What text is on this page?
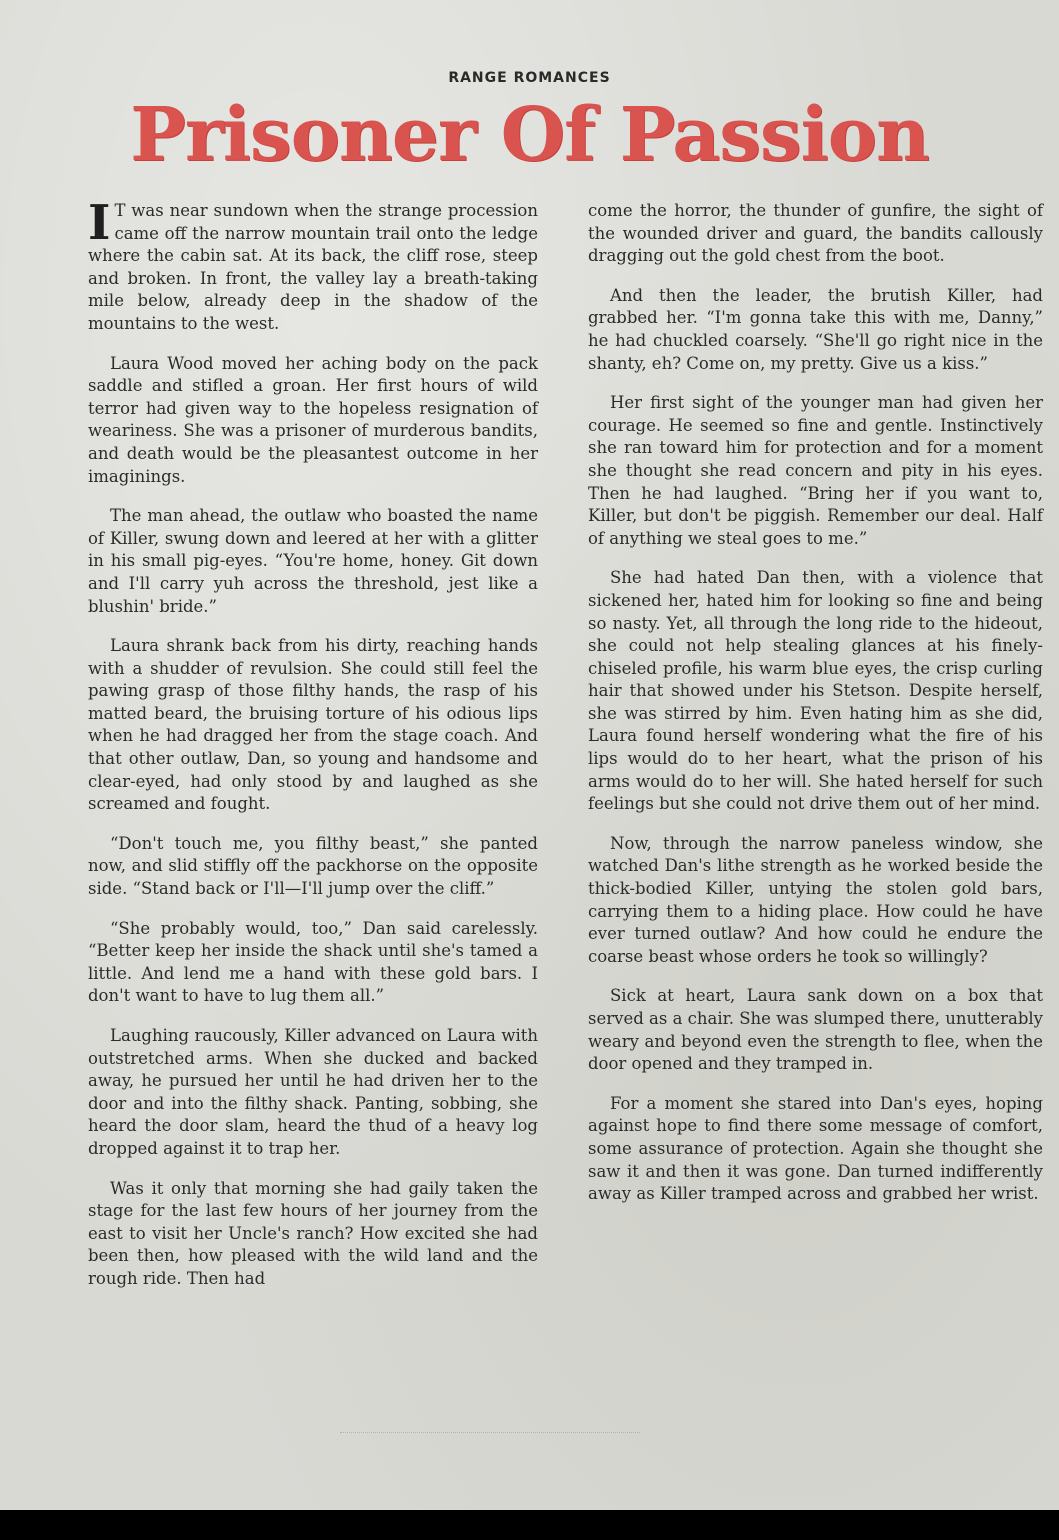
RANGE ROMANCES
Prisoner Of Passion

I T was near sundown when the strange procession came off the narrow mountain trail onto the ledge where the cabin sat. At its back, the cliff rose, steep and broken. In front, the valley lay a breath-taking mile below, already deep in the shadow of the mountains to the west.

Laura Wood moved her aching body on the pack saddle and stifled a groan. Her first hours of wild terror had given way to the hopeless resignation of weariness. She was a prisoner of murderous bandits, and death would be the pleasantest outcome in her imaginings.

The man ahead, the outlaw who boasted the name of Killer, swung down and leered at her with a glitter in his small pig-eyes. “You're home, honey. Git down and I'll carry yuh across the threshold, jest like a blushin' bride.”

Laura shrank back from his dirty, reaching hands with a shudder of revulsion. She could still feel the pawing grasp of those filthy hands, the rasp of his matted beard, the bruising torture of his odious lips when he had dragged her from the stage coach. And that other outlaw, Dan, so young and handsome and clear-eyed, had only stood by and laughed as she screamed and fought.

“Don't touch me, you filthy beast,” she panted now, and slid stiffly off the packhorse on the opposite side. “Stand back or I'll—I'll jump over the cliff.”

“She probably would, too,” Dan said carelessly. “Better keep her inside the shack until she's tamed a little. And lend me a hand with these gold bars. I don't want to have to lug them all.”

Laughing raucously, Killer advanced on Laura with outstretched arms. When she ducked and backed away, he pursued her until he had driven her to the door and into the filthy shack. Panting, sobbing, she heard the door slam, heard the thud of a heavy log dropped against it to trap her.

Was it only that morning she had gaily taken the stage for the last few hours of her journey from the east to visit her Uncle's ranch? How excited she had been then, how pleased with the wild land and the rough ride. Then had

come the horror, the thunder of gunfire, the sight of the wounded driver and guard, the bandits callously dragging out the gold chest from the boot.

And then the leader, the brutish Killer, had grabbed her. “I'm gonna take this with me, Danny,” he had chuckled coarsely. “She'll go right nice in the shanty, eh? Come on, my pretty. Give us a kiss.”

Her first sight of the younger man had given her courage. He seemed so fine and gentle. Instinctively she ran toward him for protection and for a moment she thought she read concern and pity in his eyes. Then he had laughed. “Bring her if you want to, Killer, but don't be piggish. Remember our deal. Half of anything we steal goes to me.”

She had hated Dan then, with a violence that sickened her, hated him for looking so fine and being so nasty. Yet, all through the long ride to the hideout, she could not help stealing glances at his finely-chiseled profile, his warm blue eyes, the crisp curling hair that showed under his Stetson. Despite herself, she was stirred by him. Even hating him as she did, Laura found herself wondering what the fire of his lips would do to her heart, what the prison of his arms would do to her will. She hated herself for such feelings but she could not drive them out of her mind.

Now, through the narrow paneless window, she watched Dan's lithe strength as he worked beside the thick-bodied Killer, untying the stolen gold bars, carrying them to a hiding place. How could he have ever turned outlaw? And how could he endure the coarse beast whose orders he took so willingly?

Sick at heart, Laura sank down on a box that served as a chair. She was slumped there, unutterably weary and beyond even the strength to flee, when the door opened and they tramped in.

For a moment she stared into Dan's eyes, hoping against hope to find there some message of comfort, some assurance of protection. Again she thought she saw it and then it was gone. Dan turned indifferently away as Killer tramped across and grabbed her wrist.
